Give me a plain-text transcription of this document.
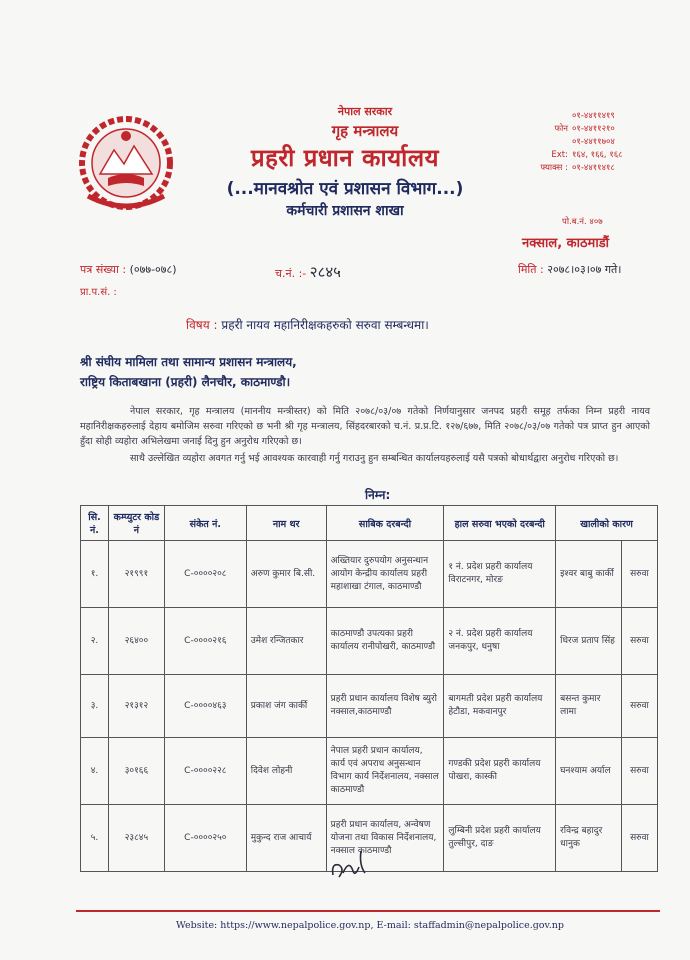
नेपाल सरकार
गृह मन्त्रालय
प्रहरी प्रधान कार्यालय
(...मानवश्रोत एवं प्रशासन विभाग...)
कर्मचारी प्रशासन शाखा
०१-४४११४१९
फोन ०१-४४११२१०
०१-४४११७०४
Ext: १६४, १६६, १६८
फ्याक्स : ०१-४४११४१८
पो.ब.नं. ४०७
नक्साल, काठमाडौं
पत्र संख्या : (०७७-०७८)	च.नं. :- २८४५	मिति : २०७८।०३।०७ गते।
प्रा.प.सं. :
विषय : प्रहरी नायव महानिरीक्षकहरुको सरुवा सम्बन्धमा।
श्री संघीय मामिला तथा सामान्य प्रशासन मन्त्रालय,
राष्ट्रिय किताबखाना (प्रहरी) लैनचौर, काठमाण्डौ।

नेपाल सरकार, गृह मन्त्रालय (माननीय मन्त्रीस्तर) को मिति २०७८/०३/०७ गतेको निर्णयानुसार जनपद प्रहरी समूह तर्फका निम्न प्रहरी नायव महानिरीक्षकहरुलाई देहाय बमोजिम सरुवा गरिएको छ भनी श्री गृह मन्त्रालय, सिंहदरबारको च.नं. प्र.प्र.टि. १२७/६७७, मिति २०७८/०३/०७ गतेको पत्र प्राप्त हुन आएको हुँदा सोही व्यहोरा अभिलेखमा जनाई दिनु हुन अनुरोध गरिएको छ।

साथै उल्लेखित व्यहोरा अवगत गर्नु भई आवश्यक कारवाही गर्नु गराउनु हुन सम्बन्धित कार्यालयहरुलाई यसै पत्रको बोधार्थद्वारा अनुरोध गरिएको छ।

निम्न:
सि. नं.	कम्प्युटर कोड नं	संकेत नं.	नाम थर	साबिक दरबन्दी	हाल सरुवा भएको दरबन्दी	खालीको कारण	
१.	२१९९१	C-००००२०८	अरुण कुमार बि.सी.	अख्तियार दुरुपयोग अनुसन्धान आयोग केन्द्रीय कार्यालय प्रहरी महाशाखा टंगाल, काठमाण्डौ	१ नं. प्रदेश प्रहरी कार्यालय विराटनगर, मोरङ	इश्वर बाबु कार्की	सरुवा
२.	२६४००	C-००००२१६	उमेश रन्जितकार	काठमाण्डौ उपत्यका प्रहरी कार्यालय रानीपोखरी, काठमाण्डौ	२ नं. प्रदेश प्रहरी कार्यालय जनकपुर, धनुषा	धिरज प्रताप सिंह	सरुवा
३.	२१३१२	C-००००४६३	प्रकाश जंग कार्की	प्रहरी प्रधान कार्यालय विशेष ब्युरो नक्साल,काठमाण्डौ	बागमती प्रदेश प्रहरी कार्यालय हेटौडा, मकवानपुर	बसन्त कुमार लामा	सरुवा
४.	३०१६६	C-००००२२८	दिवेश लोहनी	नेपाल प्रहरी प्रधान कार्यालय, कार्य एवं अपराध अनुसन्धान विभाग कार्य निर्देशनालय, नक्साल काठमाण्डौ	गण्डकी प्रदेश प्रहरी कार्यालय पोखरा, कास्की	घनश्याम अर्याल	सरुवा
५.	२३८४५	C-००००२५०	मुकुन्द राज आचार्य	प्रहरी प्रधान कार्यालय, अन्वेषण योजना तथा विकास निर्देशनालय, नक्साल काठमाण्डौ	लुम्बिनी प्रदेश प्रहरी कार्यालय तुल्सीपुर, दाङ	रविन्द्र बहादुर धानुक	सरुवा
Website: https://www.nepalpolice.gov.np, E-mail: staffadmin@nepalpolice.gov.np
